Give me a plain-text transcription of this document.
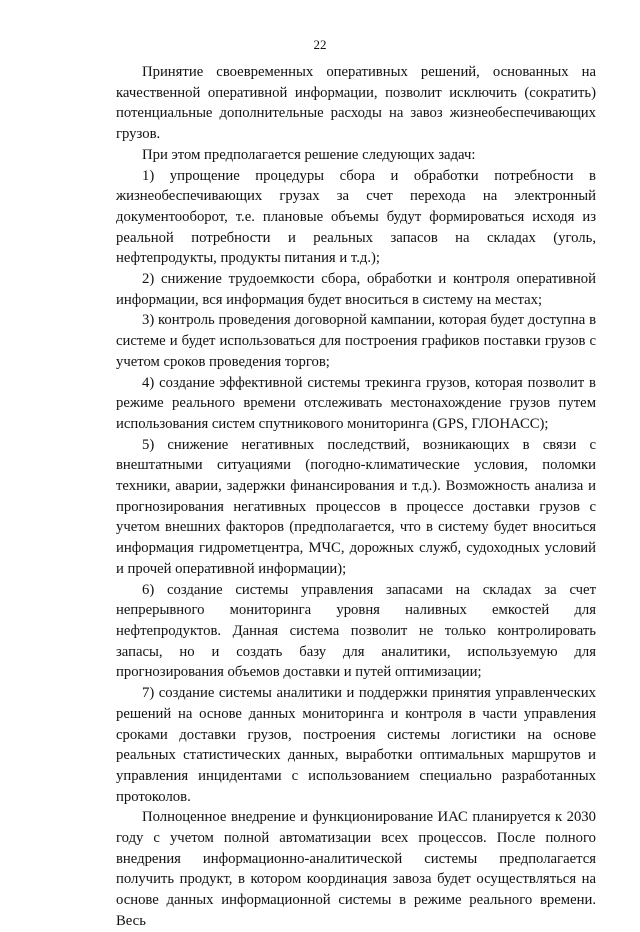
22

Принятие своевременных оперативных решений, основанных на качественной оперативной информации, позволит исключить (сократить) потенциальные дополнительные расходы на завоз жизнеобеспечивающих грузов.

При этом предполагается решение следующих задач:

1) упрощение процедуры сбора и обработки потребности в жизнеобеспечивающих грузах за счет перехода на электронный документооборот, т.е. плановые объемы будут формироваться исходя из реальной потребности и реальных запасов на складах (уголь, нефтепродукты, продукты питания и т.д.);

2) снижение трудоемкости сбора, обработки и контроля оперативной информации, вся информация будет вноситься в систему на местах;

3) контроль проведения договорной кампании, которая будет доступна в системе и будет использоваться для построения графиков поставки грузов с учетом сроков проведения торгов;

4) создание эффективной системы трекинга грузов, которая позволит в режиме реального времени отслеживать местонахождение грузов путем использования систем спутникового мониторинга (GPS, ГЛОНАСС);

5) снижение негативных последствий, возникающих в связи с внештатными ситуациями (погодно-климатические условия, поломки техники, аварии, задержки финансирования и т.д.). Возможность анализа и прогнозирования негативных процессов в процессе доставки грузов с учетом внешних факторов (предполагается, что в систему будет вноситься информация гидрометцентра, МЧС, дорожных служб, судоходных условий и прочей оперативной информации);

6) создание системы управления запасами на складах за счет непрерывного мониторинга уровня наливных емкостей для нефтепродуктов. Данная система позволит не только контролировать запасы, но и создать базу для аналитики, используемую для прогнозирования объемов доставки и путей оптимизации;

7) создание системы аналитики и поддержки принятия управленческих решений на основе данных мониторинга и контроля в части управления сроками доставки грузов, построения системы логистики на основе реальных статистических данных, выработки оптимальных маршрутов и управления инцидентами с использованием специально разработанных протоколов.

Полноценное внедрение и функционирование ИАС планируется к 2030 году с учетом полной автоматизации всех процессов. После полного внедрения информационно-аналитической системы предполагается получить продукт, в котором координация завоза будет осуществляться на основе данных информационной системы в режиме реального времени. Весь
